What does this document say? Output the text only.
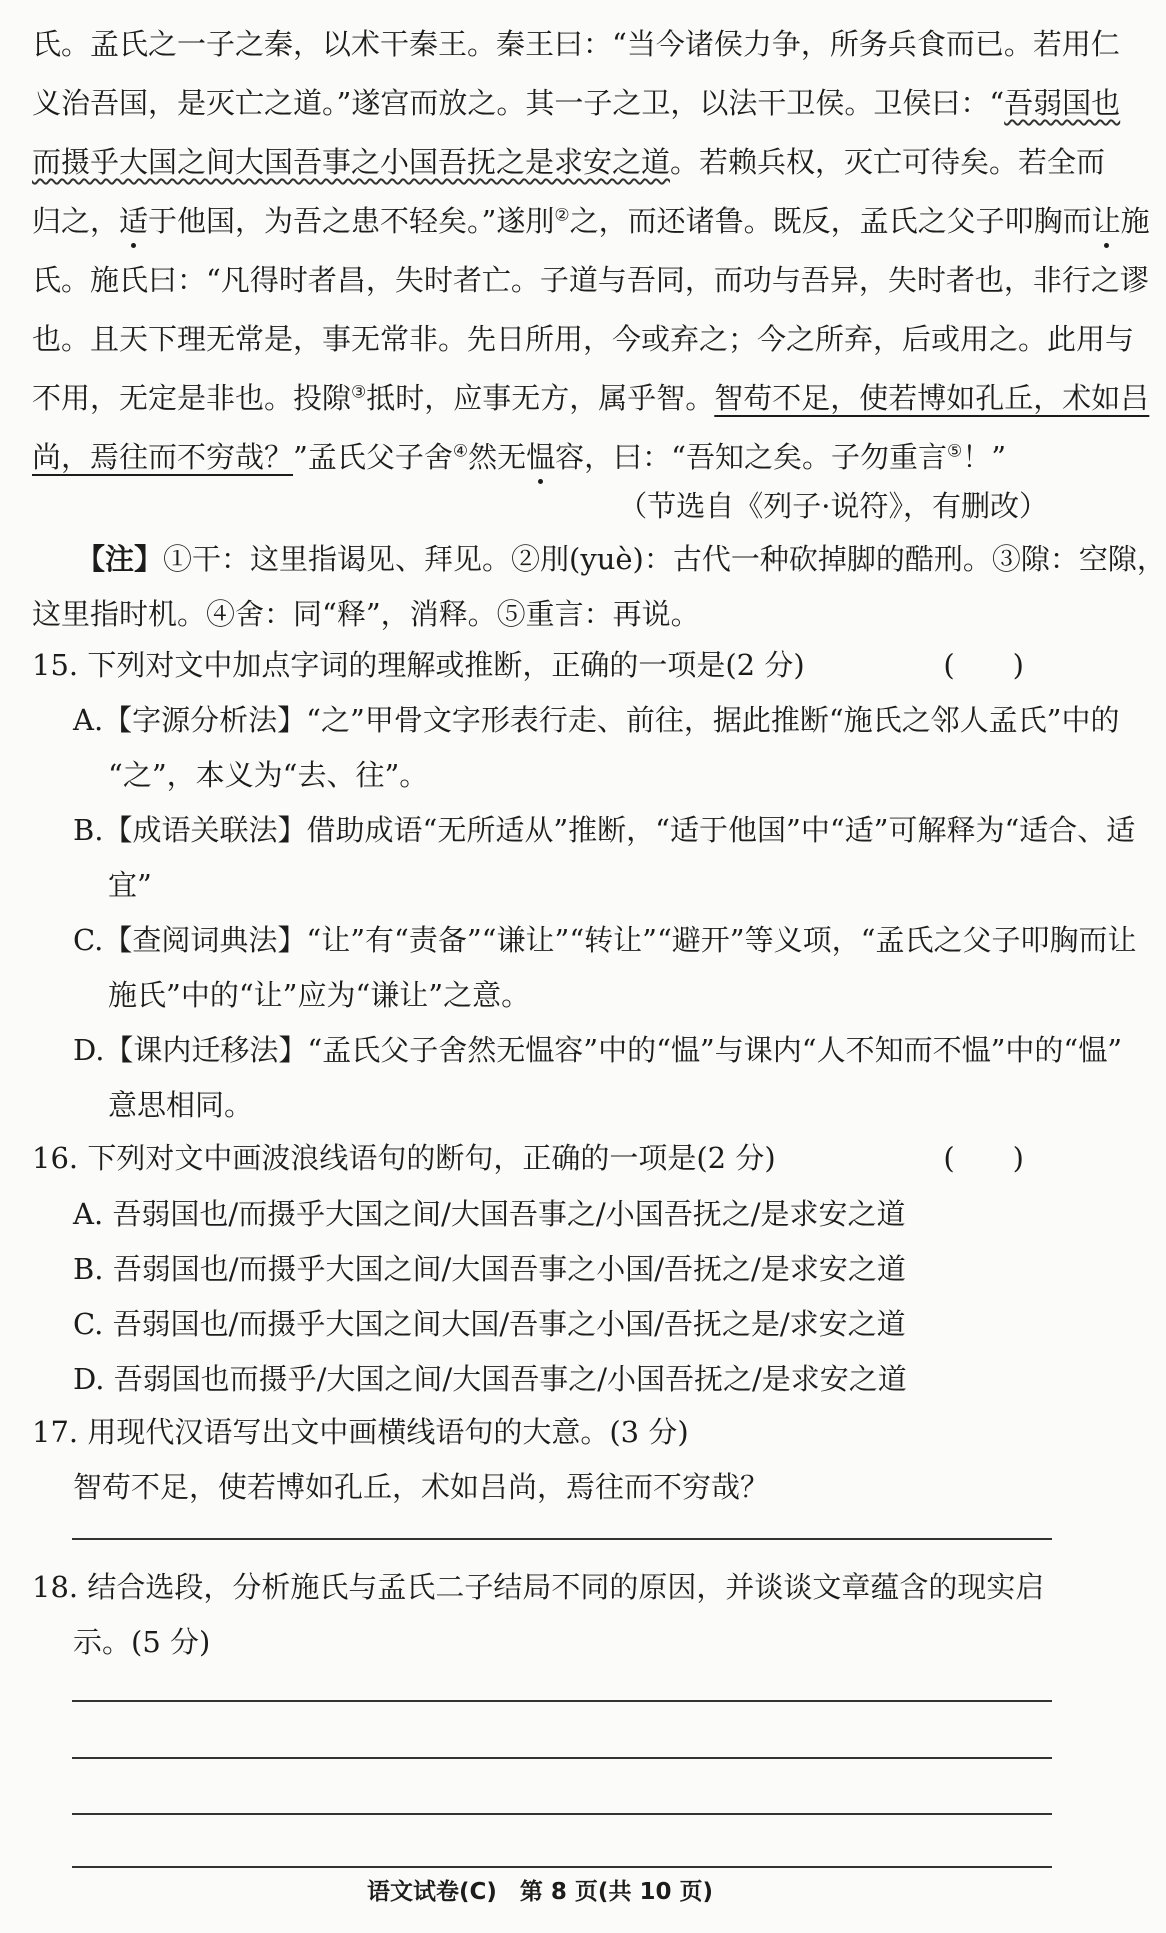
氏。孟氏之一子之秦，以术干秦王。秦王曰：“当今诸侯力争，所务兵食而已。若用仁
义治吾国，是灭亡之道。”遂宫而放之。其一子之卫，以法干卫侯。卫侯曰：“吾弱国也
而摄乎大国之间大国吾事之小国吾抚之是求安之道。若赖兵权，灭亡可待矣。若全而
归之，适于他国，为吾之患不轻矣。”遂刖②之，而还诸鲁。既反，孟氏之父子叩胸而让施
氏。施氏曰：“凡得时者昌，失时者亡。子道与吾同，而功与吾异，失时者也，非行之谬
也。且天下理无常是，事无常非。先日所用，今或弃之；今之所弃，后或用之。此用与
不用，无定是非也。投隙③抵时，应事无方，属乎智。智苟不足，使若博如孔丘，术如吕
尚，焉往而不穷哉？”孟氏父子舍④然无愠容，曰：“吾知之矣。子勿重言⑤！”
（节选自《列子·说符》，有删改）
【注】①干：这里指谒见、拜见。②刖(yuè)：古代一种砍掉脚的酷刑。③隙：空隙，
这里指时机。④舍：同“释”，消释。⑤重言：再说。
15. 下列对文中加点字词的理解或推断，正确的一项是(2 分)	(　　)
A.【字源分析法】“之”甲骨文字形表行走、前往，据此推断“施氏之邻人孟氏”中的
“之”，本义为“去、往”。
B.【成语关联法】借助成语“无所适从”推断，“适于他国”中“适”可解释为“适合、适
宜”
C.【查阅词典法】“让”有“责备”“谦让”“转让”“避开”等义项，“孟氏之父子叩胸而让
施氏”中的“让”应为“谦让”之意。
D.【课内迁移法】“孟氏父子舍然无愠容”中的“愠”与课内“人不知而不愠”中的“愠”
意思相同。
16. 下列对文中画波浪线语句的断句，正确的一项是(2 分)	(　　)
A. 吾弱国也/而摄乎大国之间/大国吾事之/小国吾抚之/是求安之道
B. 吾弱国也/而摄乎大国之间/大国吾事之小国/吾抚之/是求安之道
C. 吾弱国也/而摄乎大国之间大国/吾事之小国/吾抚之是/求安之道
D. 吾弱国也而摄乎/大国之间/大国吾事之/小国吾抚之/是求安之道
17. 用现代汉语写出文中画横线语句的大意。(3 分)
智苟不足，使若博如孔丘，术如吕尚，焉往而不穷哉？
18. 结合选段，分析施氏与孟氏二子结局不同的原因，并谈谈文章蕴含的现实启
示。(5 分)
语文试卷(C)　第 8 页(共 10 页)
